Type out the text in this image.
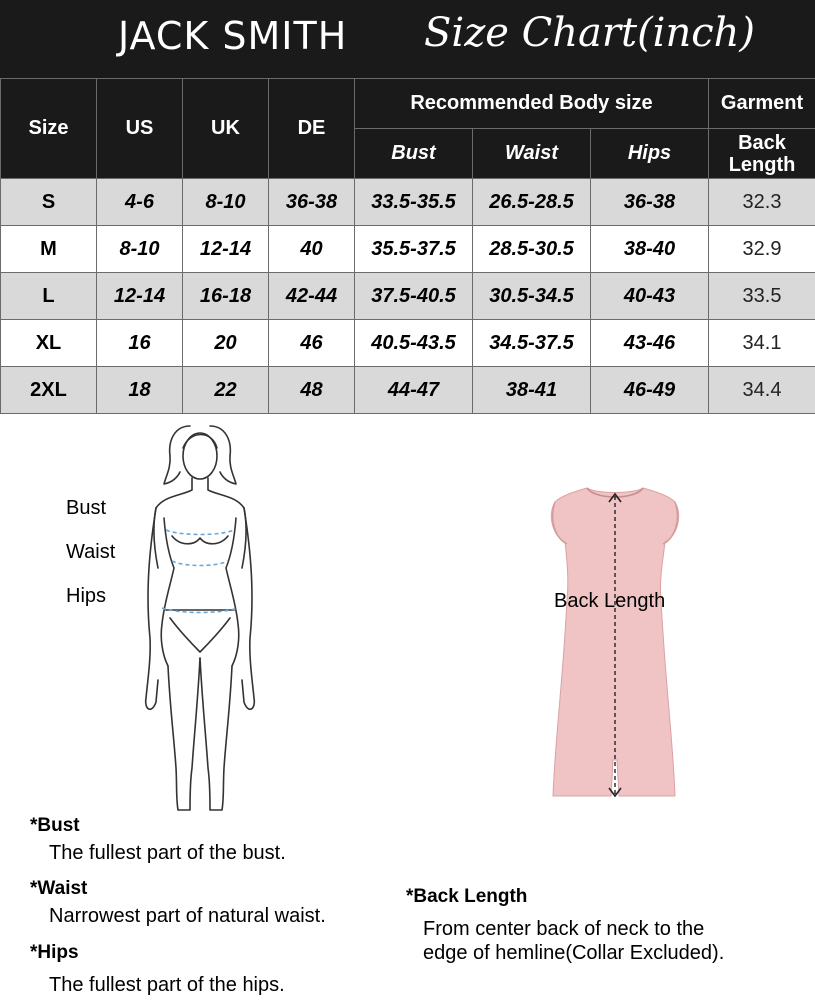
JACK SMITH Size Chart(inch)
Size	US	UK	DE	Recommended Body size			Garment
				Bust	Waist	Hips	Back Length

S	4-6	8-10	36-38	33.5-35.5	26.5-28.5	36-38	32.3
M	8-10	12-14	40	35.5-37.5	28.5-30.5	38-40	32.9
L	12-14	16-18	42-44	37.5-40.5	30.5-34.5	40-43	33.5
XL	16	20	46	40.5-43.5	34.5-37.5	43-46	34.1
2XL	18	22	48	44-47	38-41	46-49	34.4
Bust
Waist
Hips	Back Length
*Bust
The fullest part of the bust.
*Waist
Narrowest part of natural waist.
*Hips
The fullest part of the hips.
*Back Length
From center back of neck to the
edge of hemline(Collar Excluded).
